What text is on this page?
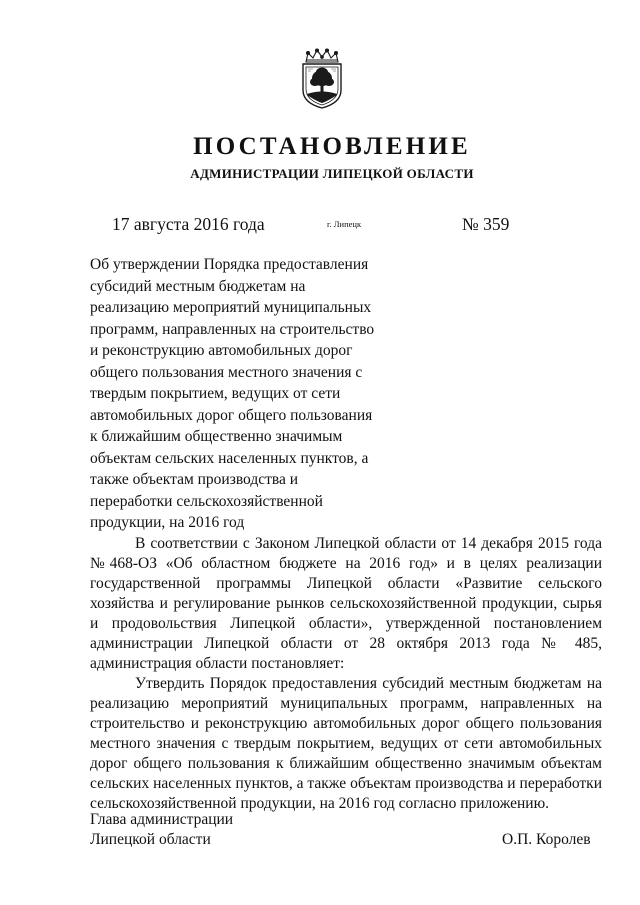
ПОСТАНОВЛЕНИЕ
АДМИНИСТРАЦИИ ЛИПЕЦКОЙ ОБЛАСТИ
17 августа 2016 года	г. Липецк	№ 359
Об утверждении Порядка предоставления
субсидий местным бюджетам на
реализацию мероприятий муниципальных
программ, направленных на строительство
и реконструкцию автомобильных дорог
общего пользования местного значения с
твердым покрытием, ведущих от сети
автомобильных дорог общего пользования
к ближайшим общественно значимым
объектам сельских населенных пунктов, а
также объектам производства и
переработки сельскохозяйственной
продукции, на 2016 год

В соответствии с Законом Липецкой области от 14 декабря 2015 года №468-ОЗ «Об областном бюджете на 2016 год» и в целях реализации государственной программы Липецкой области «Развитие сельского хозяйства и регулирование рынков сельскохозяйственной продукции, сырья и продовольствия Липецкой области», утвержденной постановлением администрации Липецкой области от 28 октября 2013 года № 485, администрация области постановляет:

Утвердить Порядок предоставления субсидий местным бюджетам на реализацию мероприятий муниципальных программ, направленных на строительство и реконструкцию автомобильных дорог общего пользования местного значения с твердым покрытием, ведущих от сети автомобильных дорог общего пользования к ближайшим общественно значимым объектам сельских населенных пунктов, а также объектам производства и переработки сельскохозяйственной продукции, на 2016 год согласно приложению.

Глава администрации
Липецкой области	О.П. Королев
